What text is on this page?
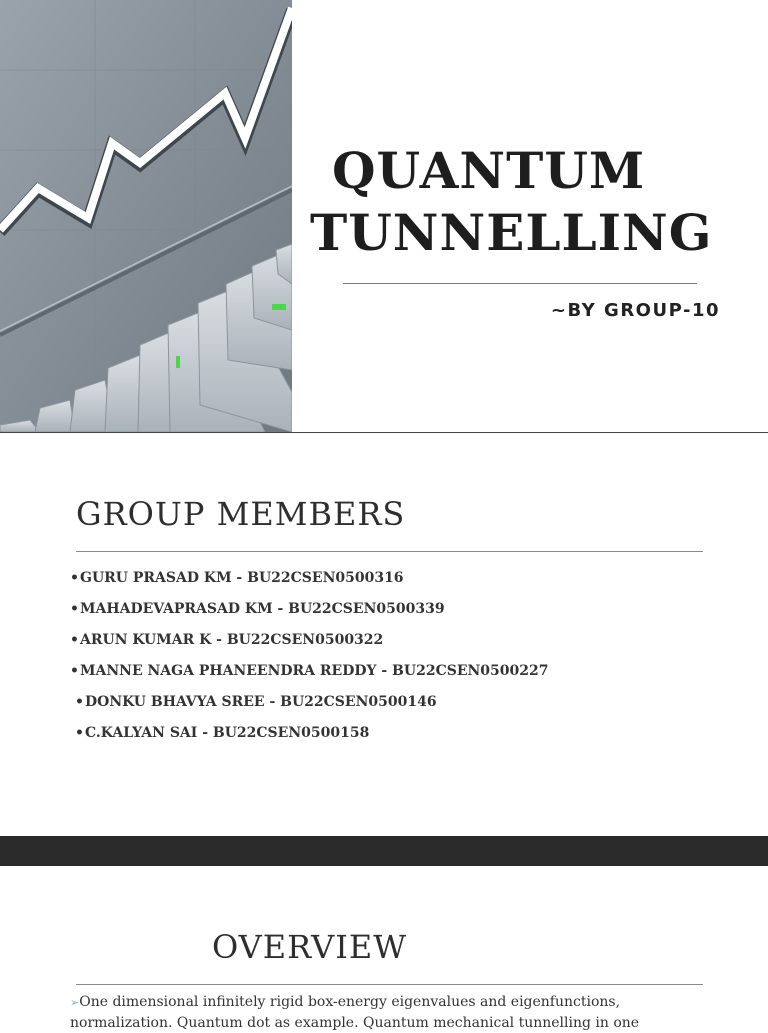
QUANTUM
TUNNELLING
~BY GROUP-10
GROUP MEMBERS
•GURU PRASAD KM - BU22CSEN0500316
•MAHADEVAPRASAD KM - BU22CSEN0500339
•ARUN KUMAR K - BU22CSEN0500322
•MANNE NAGA PHANEENDRA REDDY - BU22CSEN0500227
•DONKU BHAVYA SREE - BU22CSEN0500146
•C.KALYAN SAI - BU22CSEN0500158
OVERVIEW
➢One dimensional infinitely rigid box-energy eigenvalues and eigenfunctions, normalization. Quantum dot as example. Quantum mechanical tunnelling in one
